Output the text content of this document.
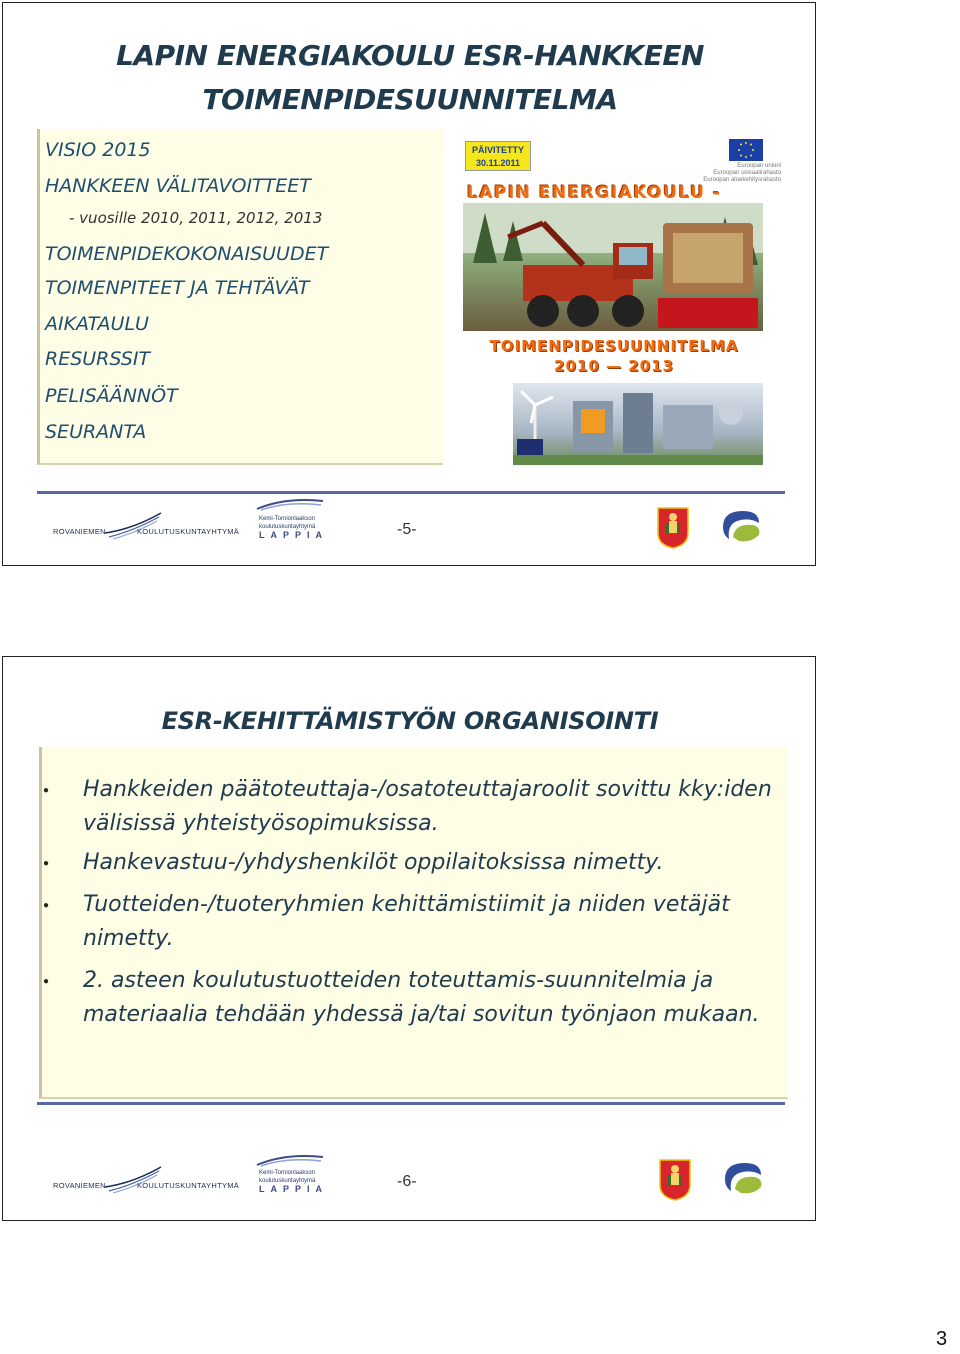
LAPIN ENERGIAKOULU ESR-HANKKEEN
TOIMENPIDESUUNNITELMA

VISIO 2015

HANKKEEN VÄLITAVOITTEET

- vuosille 2010, 2011, 2012, 2013

TOIMENPIDEKOKONAISUUDET

TOIMENPITEET JA TEHTÄVÄT

AIKATAULU

RESURSSIT

PELISÄÄNNÖT

SEURANTA

PÄIVITETTY
30.11.2011	Euroopan unioni
Euroopan sosiaalirahasto
Euroopan aluekehitysrahasto
LAPIN ENERGIAKOULU -
TOIMENPIDESUUNNITELMA
2010 — 2013
ROVANIEMEN	KOULUTUSKUNTAYHTYMÄ
Kemi-Tornionlaakson
koulutuskuntayhtymä
LAPPIA	-5-
ESR-KEHITTÄMISTYÖN ORGANISOINTI
● Hankkeiden päätoteuttaja-/osatoteuttajaroolit sovittu kky:iden välisissä yhteistyösopimuksissa.

● Hankevastuu-/yhdyshenkilöt oppilaitoksissa nimetty.

● Tuotteiden-/tuoteryhmien kehittämistiimit ja niiden vetäjät nimetty.

● 2. asteen koulutustuotteiden toteuttamis-suunnitelmia ja materiaalia tehdään yhdessä ja/tai sovitun työnjaon mukaan.

ROVANIEMEN	KOULUTUSKUNTAYHTYMÄ
Kemi-Tornionlaakson
koulutuskuntayhtymä
LAPPIA	-6-
3
